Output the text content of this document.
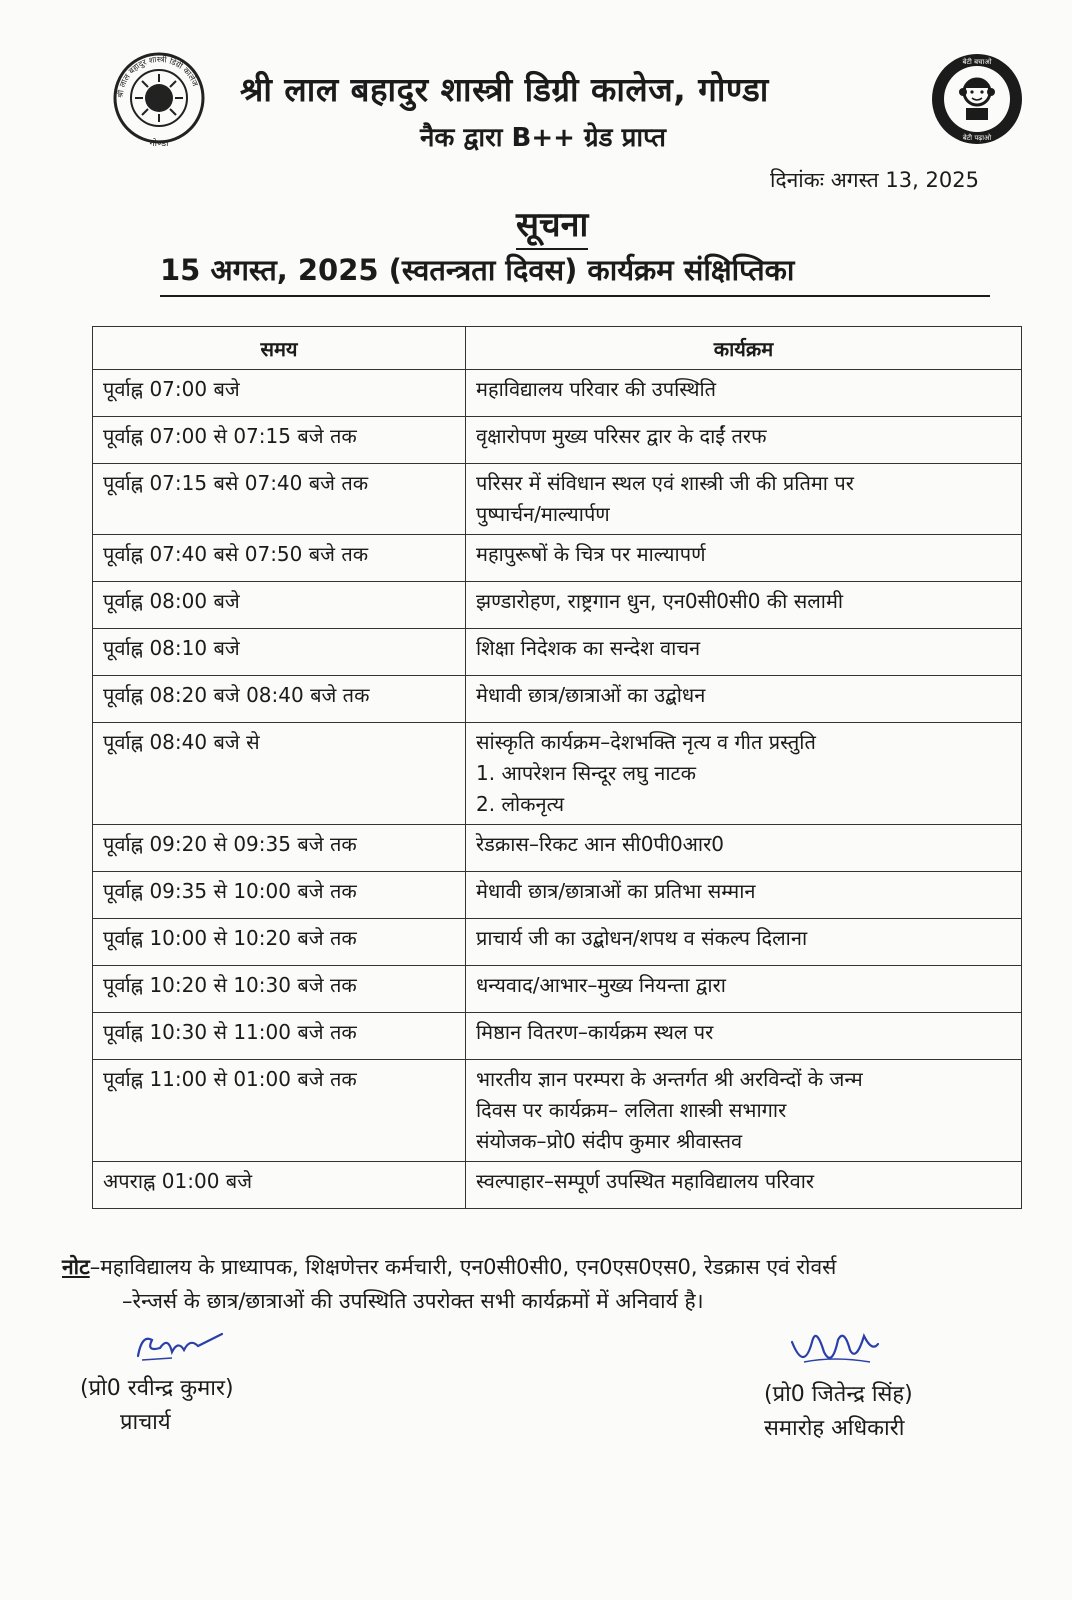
श्री लाल बहादुर शास्त्री डिग्री कालेज
गोण्डा
बेटी बचाओ
बेटी पढ़ाओ
श्री लाल बहादुर शास्त्री डिग्री कालेज, गोण्डा
नैक द्वारा B++ ग्रेड प्राप्त
दिनांकः अगस्त 13, 2025
सूचना
15 अगस्त, 2025 (स्वतन्त्रता दिवस) कार्यक्रम संक्षिप्तिका
समय	कार्यक्रम
पूर्वाह्न 07:00 बजे	महाविद्यालय परिवार की उपस्थिति

पूर्वाह्न 07:00 से 07:15 बजे तक	वृक्षारोपण मुख्य परिसर द्वार के दाईं तरफ

पूर्वाह्न 07:15 बसे 07:40 बजे तक	परिसर में संविधान स्थल एवं शास्त्री जी की प्रतिमा पर
पुष्पार्चन/माल्यार्पण

पूर्वाह्न 07:40 बसे 07:50 बजे तक	महापुरूषों के चित्र पर माल्यापर्ण

पूर्वाह्न 08:00 बजे	झण्डारोहण, राष्ट्रगान धुन, एन0सी0सी0 की सलामी

पूर्वाह्न 08:10 बजे	शिक्षा निदेशक का सन्देश वाचन

पूर्वाह्न 08:20 बजे 08:40 बजे तक	मेधावी छात्र/छात्राओं का उद्बोधन

पूर्वाह्न 08:40 बजे से	सांस्कृति कार्यक्रम–देशभक्ति नृत्य व गीत प्रस्तुति
1. आपरेशन सिन्दूर लघु नाटक
2. लोकनृत्य

पूर्वाह्न 09:20 से 09:35 बजे तक	रेडक्रास–रिकट आन सी0पी0आर0

पूर्वाह्न 09:35 से 10:00 बजे तक	मेधावी छात्र/छात्राओं का प्रतिभा सम्मान

पूर्वाह्न 10:00 से 10:20 बजे तक	प्राचार्य जी का उद्बोधन/शपथ व संकल्प दिलाना

पूर्वाह्न 10:20 से 10:30 बजे तक	धन्यवाद/आभार–मुख्य नियन्ता द्वारा

पूर्वाह्न 10:30 से 11:00 बजे तक	मिष्ठान वितरण–कार्यक्रम स्थल पर

पूर्वाह्न 11:00 से 01:00 बजे तक	भारतीय ज्ञान परम्परा के अन्तर्गत श्री अरविन्दों के जन्म
दिवस पर कार्यक्रम– ललिता शास्त्री सभागार
संयोजक–प्रो0 संदीप कुमार श्रीवास्तव

अपराह्न 01:00 बजे	स्वल्पाहार–सम्पूर्ण उपस्थित महाविद्यालय परिवार
नोट–महाविद्यालय के प्राध्यापक, शिक्षणेत्तर कर्मचारी, एन0सी0सी0, एन0एस0एस0, रेडक्रास एवं रोवर्स
–रेन्जर्स के छात्र/छात्राओं की उपस्थिति उपरोक्त सभी कार्यक्रमों में अनिवार्य है।
(प्रो0 रवीन्द्र कुमार)
प्राचार्य
(प्रो0 जितेन्द्र सिंह)
समारोह अधिकारी
